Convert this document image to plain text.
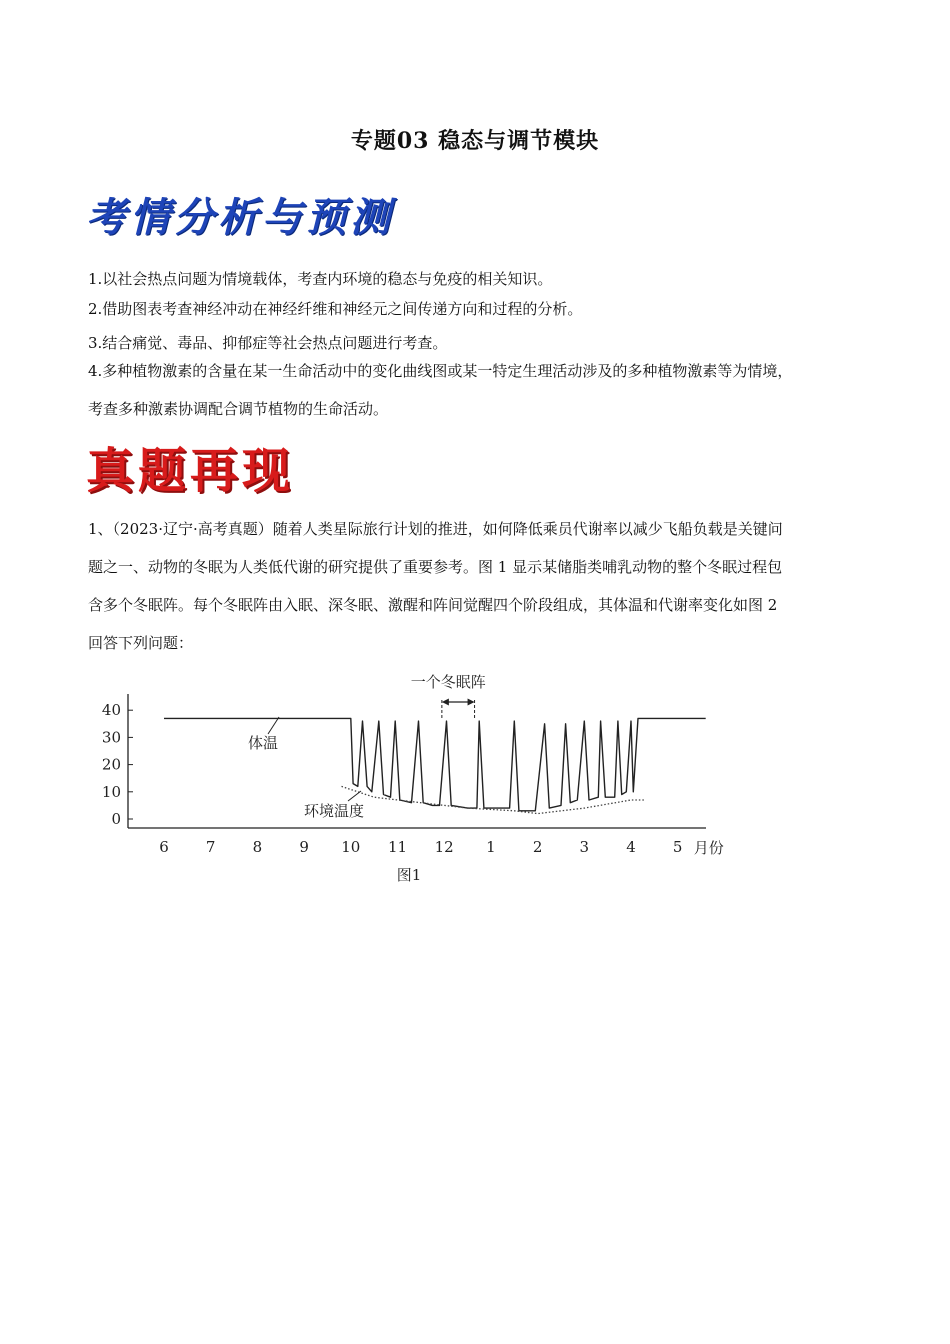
专题03 稳态与调节模块
考情分析与预测
1.以社会热点问题为情境载体，考查内环境的稳态与免疫的相关知识。
2.借助图表考查神经冲动在神经纤维和神经元之间传递方向和过程的分析。
3.结合痛觉、毒品、抑郁症等社会热点问题进行考查。
4.多种植物激素的含量在某一生命活动中的变化曲线图或某一特定生理活动涉及的多种植物激素等为情境，
考查多种激素协调配合调节植物的生命活动。
真题再现
1、（2023·辽宁·高考真题）随着人类星际旅行计划的推进，如何降低乘员代谢率以减少飞船负载是关键问
题之一、动物的冬眠为人类低代谢的研究提供了重要参考。图 1 显示某储脂类哺乳动物的整个冬眠过程包
含多个冬眠阵。每个冬眠阵由入眠、深冬眠、激醒和阵间觉醒四个阶段组成，其体温和代谢率变化如图 2
回答下列问题：
0
10
20
30
40
6 7 8 9 10 11 12 1 2 3 4 5 月份
体温
环境温度
一个冬眠阵
图1
